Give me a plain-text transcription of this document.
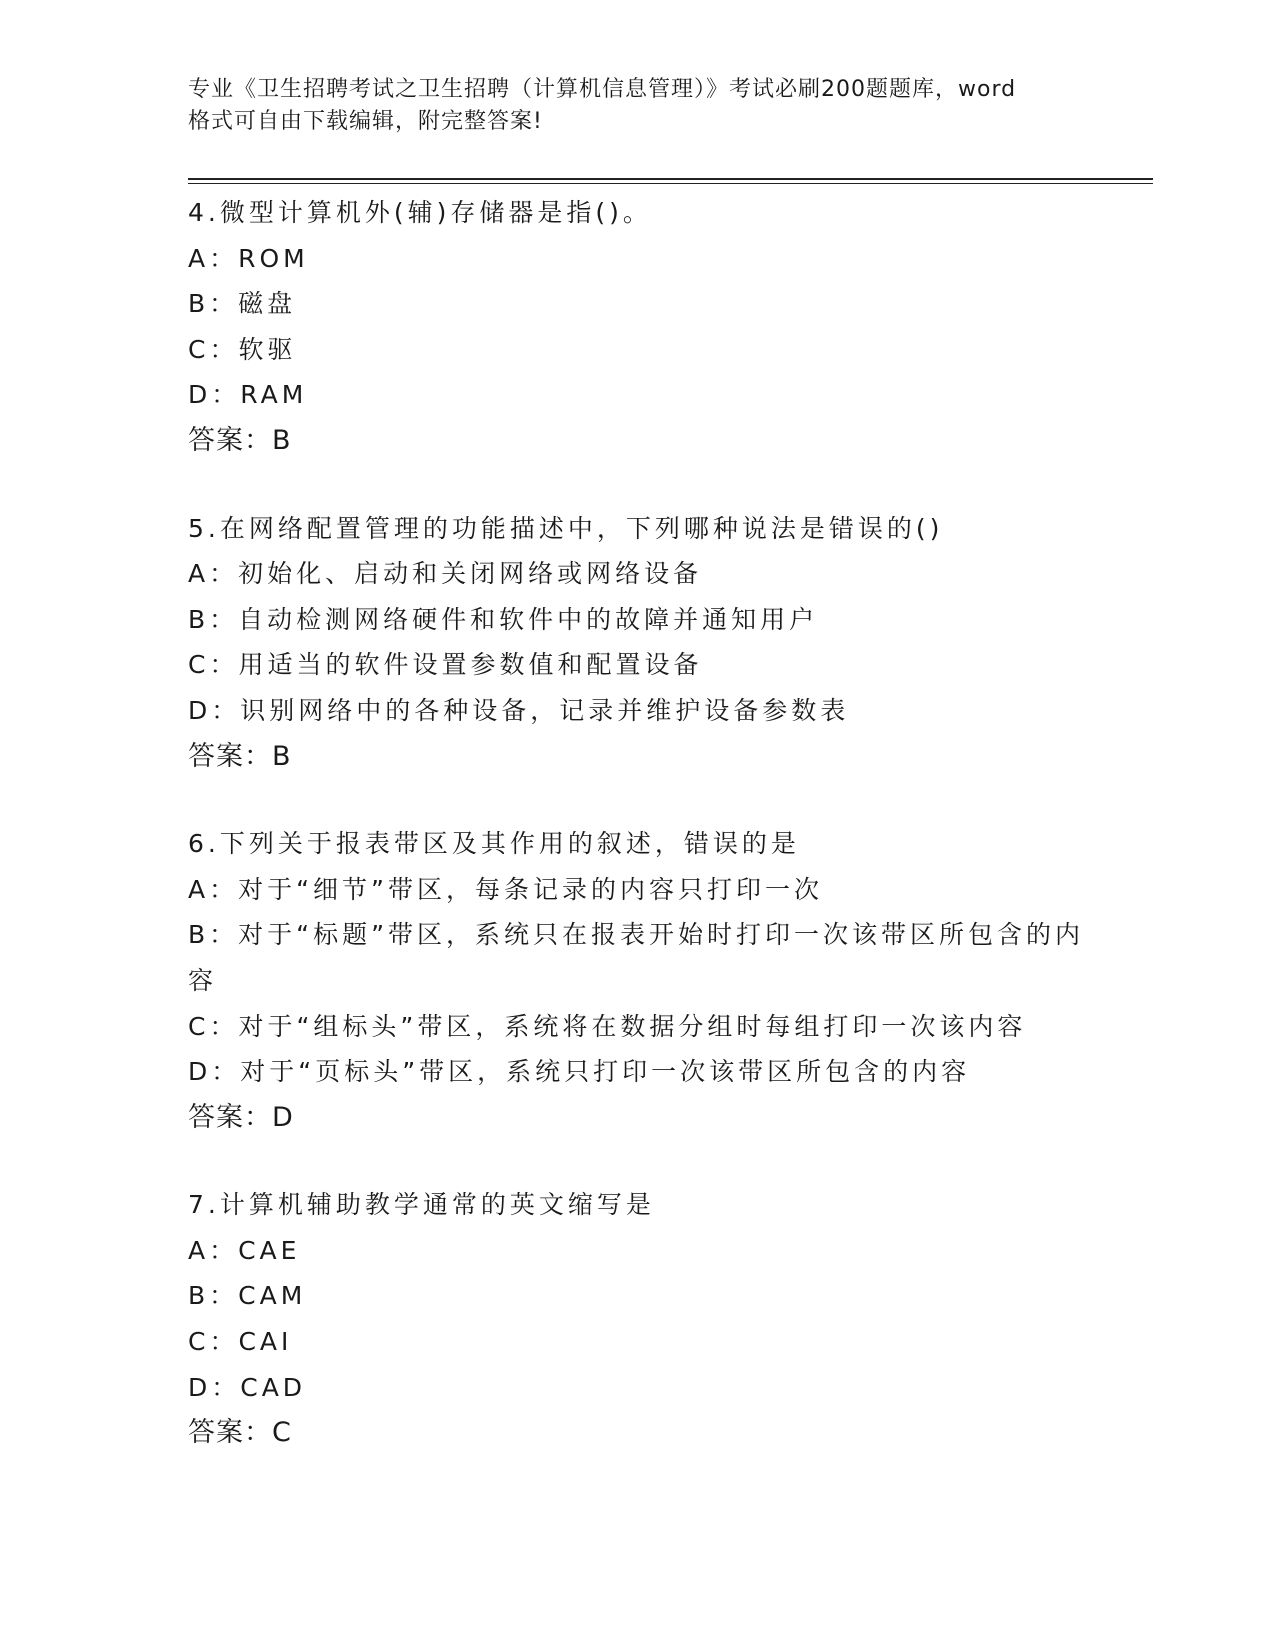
专业《卫生招聘考试之卫生招聘（计算机信息管理）》考试必刷200题题库，word
格式可自由下载编辑，附完整答案!

4.微型计算机外(辅)存储器是指()。

A：ROM

B：磁盘

C：软驱

D：RAM

答案：B

5.在网络配置管理的功能描述中，下列哪种说法是错误的()

A：初始化、启动和关闭网络或网络设备

B：自动检测网络硬件和软件中的故障并通知用户

C：用适当的软件设置参数值和配置设备

D：识别网络中的各种设备，记录并维护设备参数表

答案：B

6.下列关于报表带区及其作用的叙述，错误的是

A：对于“细节”带区，每条记录的内容只打印一次

B：对于“标题”带区，系统只在报表开始时打印一次该带区所包含的内容

C：对于“组标头”带区，系统将在数据分组时每组打印一次该内容

D：对于“页标头”带区，系统只打印一次该带区所包含的内容

答案：D

7.计算机辅助教学通常的英文缩写是

A：CAE

B：CAM

C：CAI

D：CAD

答案：C
